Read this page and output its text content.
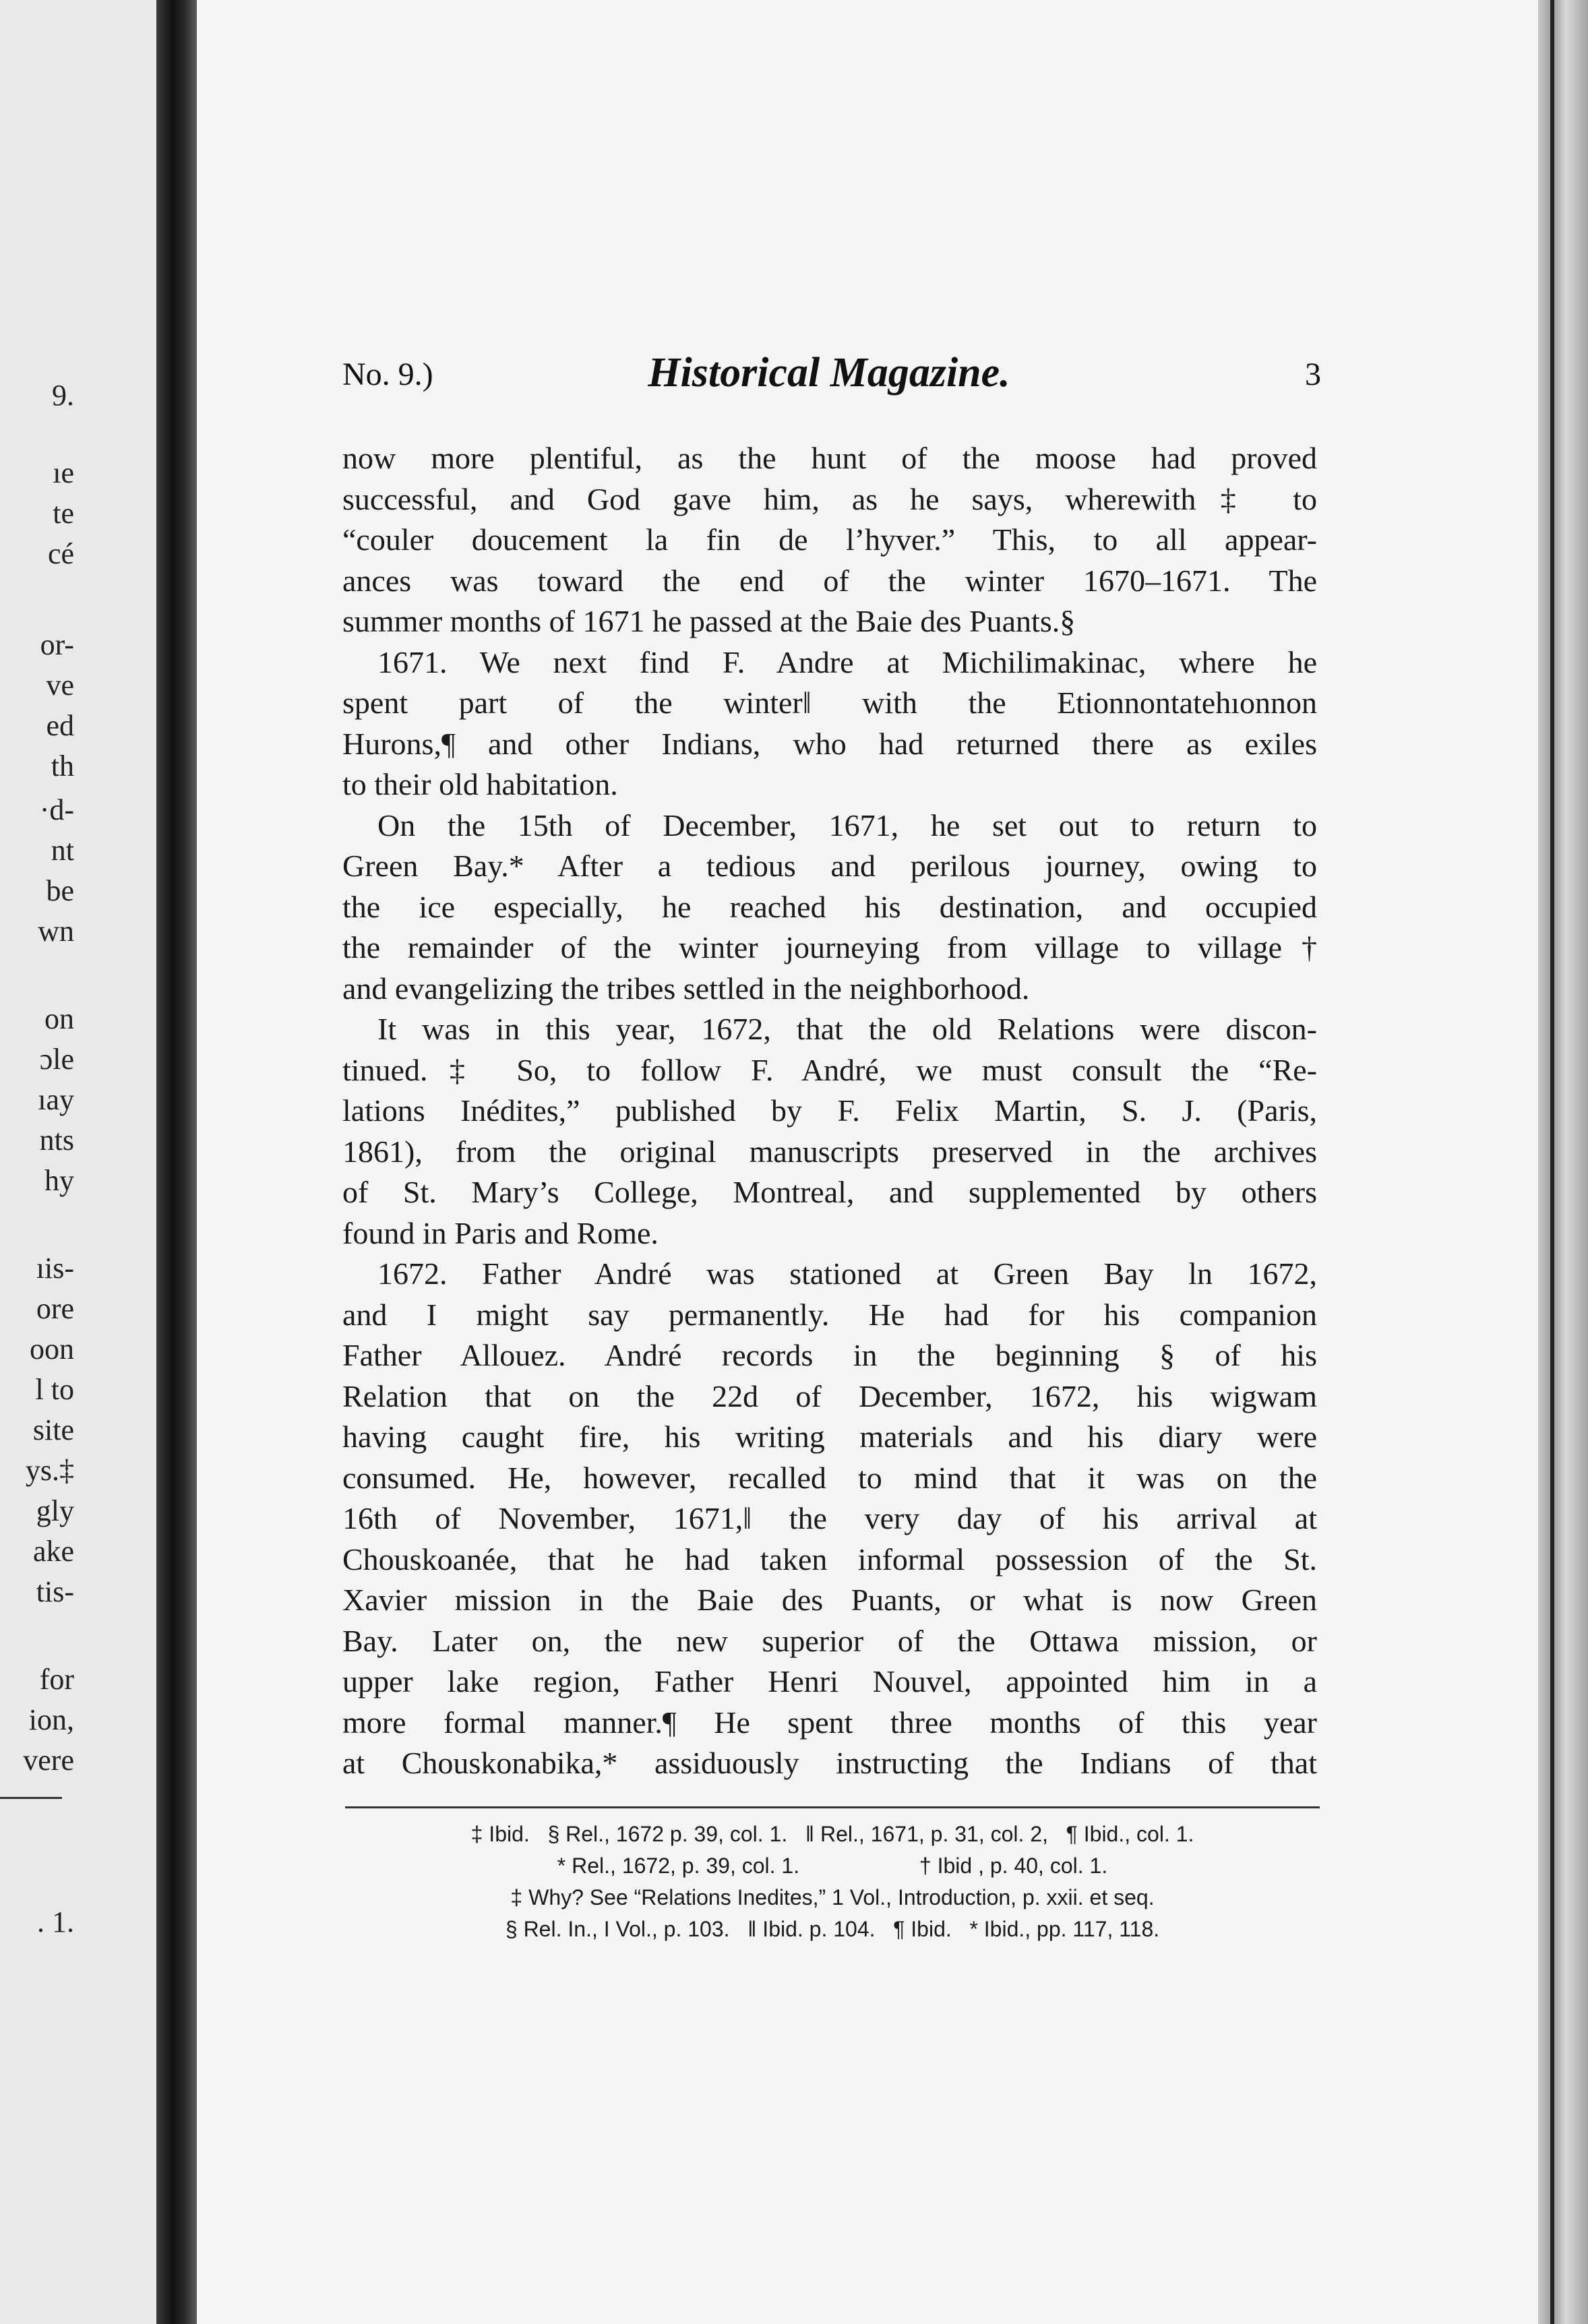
9.
ıe
te
cé
or-
ve
ed
th
·d-
nt
be
wn
on
ɔle
ıay
nts
hy
ıis-
ore
oon
l to
site
ys.‡
gly
ake
tis-
for
ion,
vere
. 1.
No. 9.)	Historical Magazine.	3
now more plentiful, as the hunt of the moose had proved
successful, and God gave him, as he says, wherewith‡ to
“couler doucement la fin de l’hyver.” This, to all appear-
ances was toward the end of the winter 1670–1671. The
summer months of 1671 he passed at the Baie des Puants.§
1671. We next find F. Andre at Michilimakinac, where he
spent part of the winter‖ with the Etionnontatehıonnon
Hurons,¶ and other Indians, who had returned there as exiles
to their old habitation.
On the 15th of December, 1671, he set out to return to
Green Bay.* After a tedious and perilous journey, owing to
the ice especially, he reached his destination, and occupied
the remainder of the winter journeying from village to village†
and evangelizing the tribes settled in the neighborhood.
It was in this year, 1672, that the old Relations were discon-
tinued.‡ So, to follow F. André, we must consult the “Re-
lations Inédites,” published by F. Felix Martin, S. J. (Paris,
1861), from the original manuscripts preserved in the archives
of St. Mary’s College, Montreal, and supplemented by others
found in Paris and Rome.
1672. Father André was stationed at Green Bay ln 1672,
and I might say permanently. He had for his companion
Father Allouez. André records in the beginning § of his
Relation that on the 22d of December, 1672, his wigwam
having caught fire, his writing materials and his diary were
consumed. He, however, recalled to mind that it was on the
16th of November, 1671,‖ the very day of his arrival at
Chouskoanée, that he had taken informal possession of the St.
Xavier mission in the Baie des Puants, or what is now Green
Bay. Later on, the new superior of the Ottawa mission, or
upper lake region, Father Henri Nouvel, appointed him in a
more formal manner.¶ He spent three months of this year
at Chouskonabika,* assiduously instructing the Indians of that
‡ Ibid.   § Rel., 1672 p. 39, col. 1.   ‖ Rel., 1671, p. 31, col. 2,   ¶ Ibid., col. 1.
* Rel., 1672, p. 39, col. 1.                    † Ibid , p. 40, col. 1.
‡ Why? See “Relations Inedites,” 1 Vol., Introduction, p. xxii. et seq.
§ Rel. In., I Vol., p. 103.   ‖ Ibid. p. 104.   ¶ Ibid.   * Ibid., pp. 117, 118.
